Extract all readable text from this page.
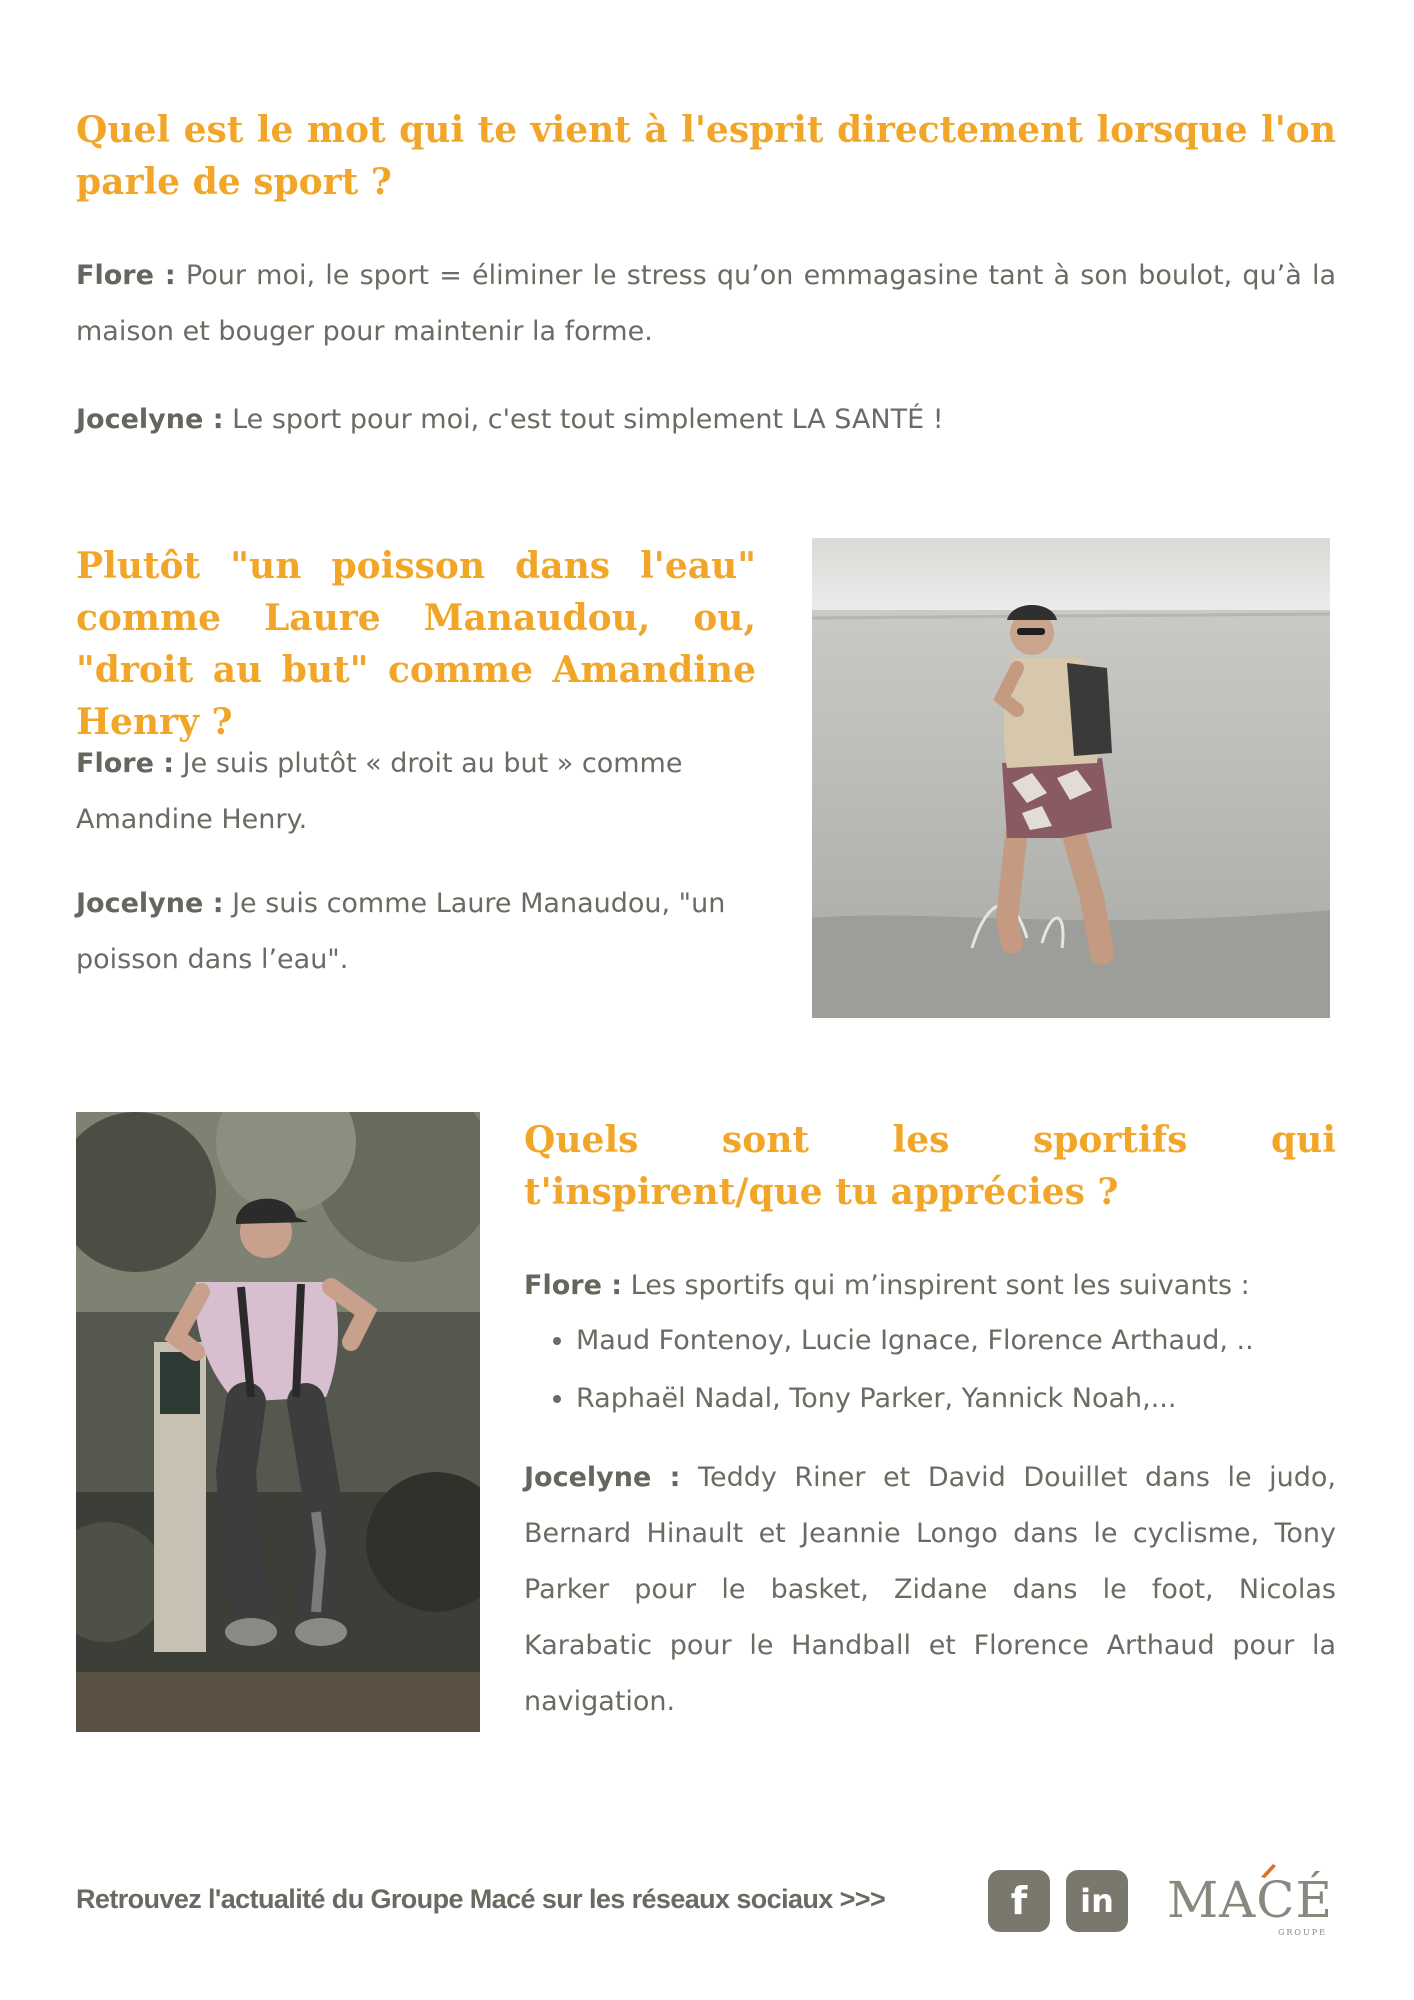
Quel est le mot qui te vient à l'esprit directement lorsque l'on parle de sport ?

Flore : Pour moi, le sport = éliminer le stress qu’on emmagasine tant à son boulot, qu’à la maison et bouger pour maintenir la forme.

Jocelyne : Le sport pour moi, c'est tout simplement LA SANTÉ !

Plutôt "un poisson dans l'eau" comme Laure Manaudou, ou, "droit au but" comme Amandine Henry ?

Flore : Je suis plutôt « droit au but » comme Amandine Henry.

Jocelyne : Je suis comme Laure Manaudou, "un poisson dans l’eau".

Quels sont les sportifs qui t'inspirent/que tu apprécies ?

Flore : Les sportifs qui m’inspirent sont les suivants :

• Maud Fontenoy, Lucie Ignace, Florence Arthaud, ..
• Raphaël Nadal, Tony Parker, Yannick Noah,...

Jocelyne : Teddy Riner et David Douillet dans le judo, Bernard Hinault et Jeannie Longo dans le cyclisme, Tony Parker pour le basket, Zidane dans le foot, Nicolas Karabatic pour le Handball et Florence Arthaud pour la navigation.

Retrouvez l'actualité du Groupe Macé sur les réseaux sociaux >>>	f in MACÉ
GROUPE
